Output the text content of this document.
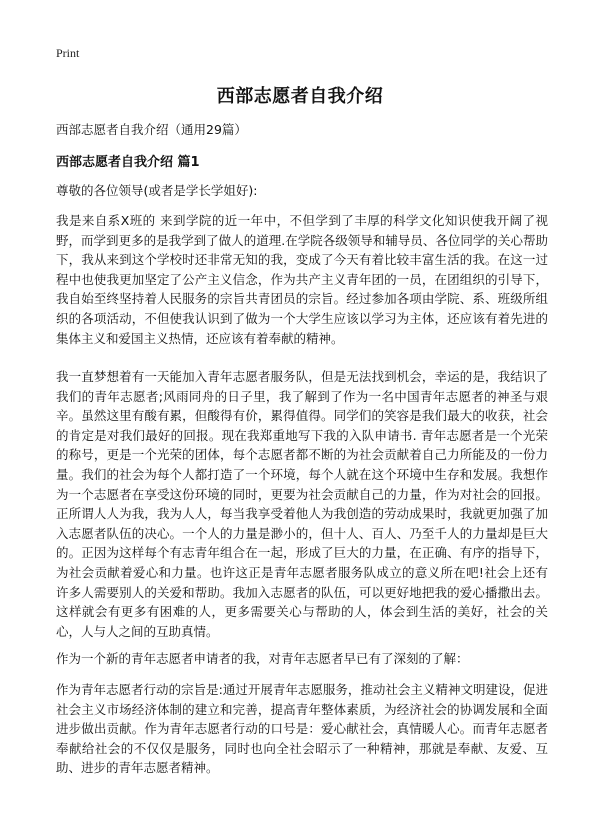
Print
西部志愿者自我介绍
西部志愿者自我介绍（通用29篇）
西部志愿者自我介绍 篇1
尊敬的各位领导(或者是学长学姐好):

我是来自系X班的 来到学院的近一年中，不但学到了丰厚的科学文化知识使我开阔了视野，而学到更多的是我学到了做人的道理.在学院各级领导和辅导员、各位同学的关心帮助下，我从来到这个学校时还非常无知的我，变成了今天有着比较丰富生活的我。在这一过程中也使我更加坚定了公产主义信念，作为共产主义青年团的一员，在团组织的引导下，我自始至终坚持着人民服务的宗旨共青团员的宗旨。经过参加各项由学院、系、班级所组织的各项活动，不但使我认识到了做为一个大学生应该以学习为主体，还应该有着先进的集体主义和爱国主义热情，还应该有着奉献的精神。

我一直梦想着有一天能加入青年志愿者服务队，但是无法找到机会，幸运的是，我结识了我们的青年志愿者;风雨同舟的日子里，我了解到了作为一名中国青年志愿者的神圣与艰辛。虽然这里有酸有累，但酸得有价，累得值得。同学们的笑容是我们最大的收获，社会的肯定是对我们最好的回报。现在我郑重地写下我的入队申请书. 青年志愿者是一个光荣的称号，更是一个光荣的团体，每个志愿者都不断的为社会贡献着自己力所能及的一份力量。我们的社会为每个人都打造了一个环境，每个人就在这个环境中生存和发展。我想作为一个志愿者在享受这份环境的同时，更要为社会贡献自己的力量，作为对社会的回报。正所谓人人为我，我为人人，每当我享受着他人为我创造的劳动成果时，我就更加强了加入志愿者队伍的决心。一个人的力量是渺小的，但十人、百人、乃至千人的力量却是巨大的。正因为这样每个有志青年组合在一起，形成了巨大的力量，在正确、有序的指导下，为社会贡献着爱心和力量。也许这正是青年志愿者服务队成立的意义所在吧!社会上还有许多人需要别人的关爱和帮助。我加入志愿者的队伍，可以更好地把我的爱心播撒出去。这样就会有更多有困难的人，更多需要关心与帮助的人，体会到生活的美好，社会的关心，人与人之间的互助真情。

作为一个新的青年志愿者申请者的我，对青年志愿者早已有了深刻的了解：

作为青年志愿者行动的宗旨是:通过开展青年志愿服务，推动社会主义精神文明建设，促进社会主义市场经济体制的建立和完善，提高青年整体素质，为经济社会的协调发展和全面进步做出贡献。作为青年志愿者行动的口号是：爱心献社会，真情暖人心。而青年志愿者奉献给社会的不仅仅是服务，同时也向全社会昭示了一种精神，那就是奉献、友爱、互助、进步的青年志愿者精神。
